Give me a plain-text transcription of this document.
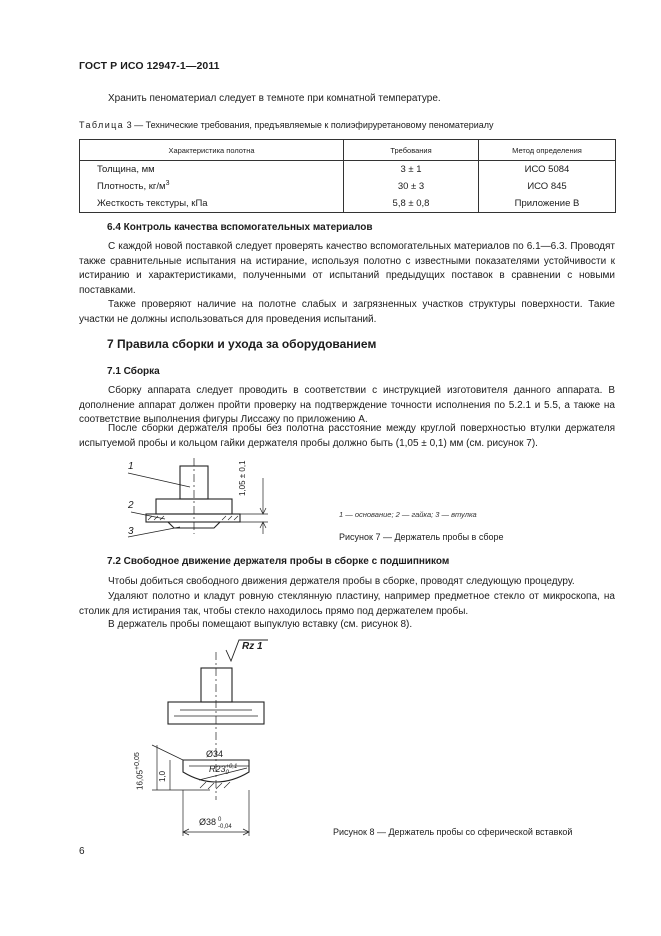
ГОСТ Р ИСО 12947-1—2011
Хранить пеноматериал следует в темноте при комнатной температуре.
Таблица 3 — Технические требования, предъявляемые к полиэфируретановому пеноматериалу
Характеристика полотна	Требования	Метод определения
Толщина, мм	3 ± 1	ИСО 5084
Плотность, $кг/м^3$	30 ± 3	ИСО 845
Жесткость текстуры, кПа	5,8 ± 0,8	Приложение В
6.4 Контроль качества вспомогательных материалов
С каждой новой поставкой следует проверять качество вспомогательных материалов по 6.1—6.3. Проводят также сравнительные испытания на истирание, используя полотно с известными показателями устойчивости к истиранию и характеристиками, полученными от испытаний предыдущих поставок в сравнении с новыми поставками.
Также проверяют наличие на полотне слабых и загрязненных участков структуры поверхности. Такие участки не должны использоваться для проведения испытаний.
7 Правила сборки и ухода за оборудованием
7.1 Сборка
Сборку аппарата следует проводить в соответствии с инструкцией изготовителя данного аппарата. В дополнение аппарат должен пройти проверку на подтверждение точности исполнения по 5.2.1 и 5.5, а также на соответствие выполнения фигуры Лиссажу по приложению А.
После сборки держателя пробы без полотна расстояние между круглой поверхностью втулки держателя испытуемой пробы и кольцом гайки держателя пробы должно быть (1,05 ± 0,1) мм (см. рисунок 7).
1
2
3
1,05 ± 0,1
1 — основание; 2 — гайка; 3 — втулка
Рисунок 7 — Держатель пробы в сборе
7.2 Свободное движение держателя пробы в сборке с подшипником
Чтобы добиться свободного движения держателя пробы в сборке, проводят следующую процедуру.
Удаляют полотно и кладут ровную стеклянную пластину, например предметное стекло от микроскопа, на столик для истирания так, чтобы стекло находилось прямо под держателем пробы.
В держатель пробы помещают выпуклую вставку (см. рисунок 8).
Rz 1
$16,05^{+0,05}$
1,0
Ø34
R23+0,1
0
Ø38 0
-0,04	Рисунок 8 — Держатель пробы со сферической вставкой
6
